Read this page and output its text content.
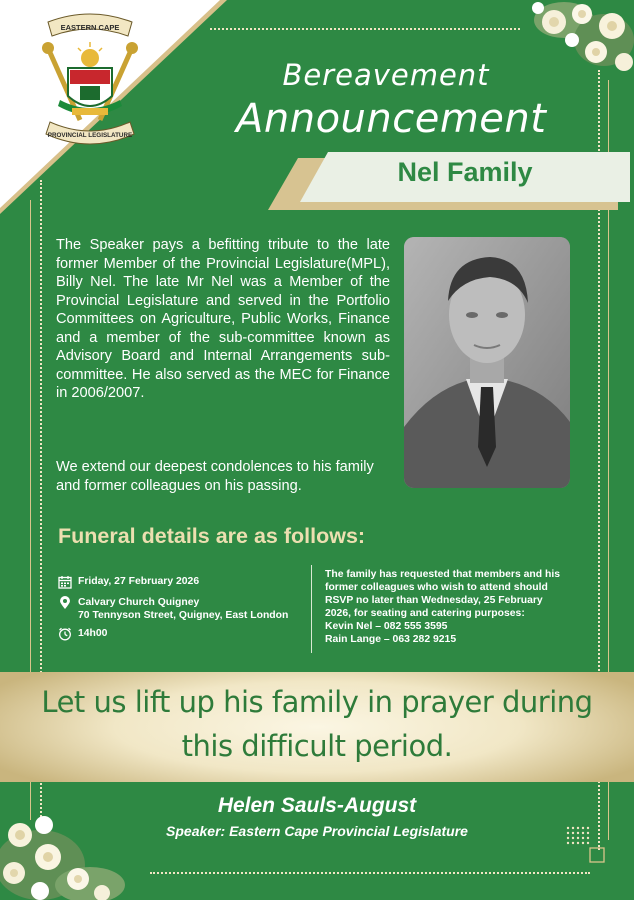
EASTERN CAPE
PROVINCIAL LEGISLATURE
Bereavement
Announcement
Nel Family
The Speaker pays a befitting tribute to the late former Member of the Provincial Legislature(MPL), Billy Nel. The late Mr Nel was a Member of the Provincial Legislature and served in the Portfolio Committees on Agriculture, Public Works, Finance and a member of the sub-committee known as Advisory Board and Internal Arrangements sub-committee. He also served as the MEC for Finance in 2006/2007.
We extend our deepest condolences to his family and former colleagues on his passing.
Funeral details are as follows:
Friday, 27 February 2026
Calvary Church Quigney
70 Tennyson Street, Quigney, East London
14h00
The family has requested that members and his
former colleagues who wish to attend should
RSVP no later than Wednesday, 25 February
2026, for seating and catering purposes:
Kevin Nel – 082 555 3595
Rain Lange – 063 282 9215
Let us lift up his family in prayer during
this difficult period.
Helen Sauls-August
Speaker: Eastern Cape Provincial Legislature
